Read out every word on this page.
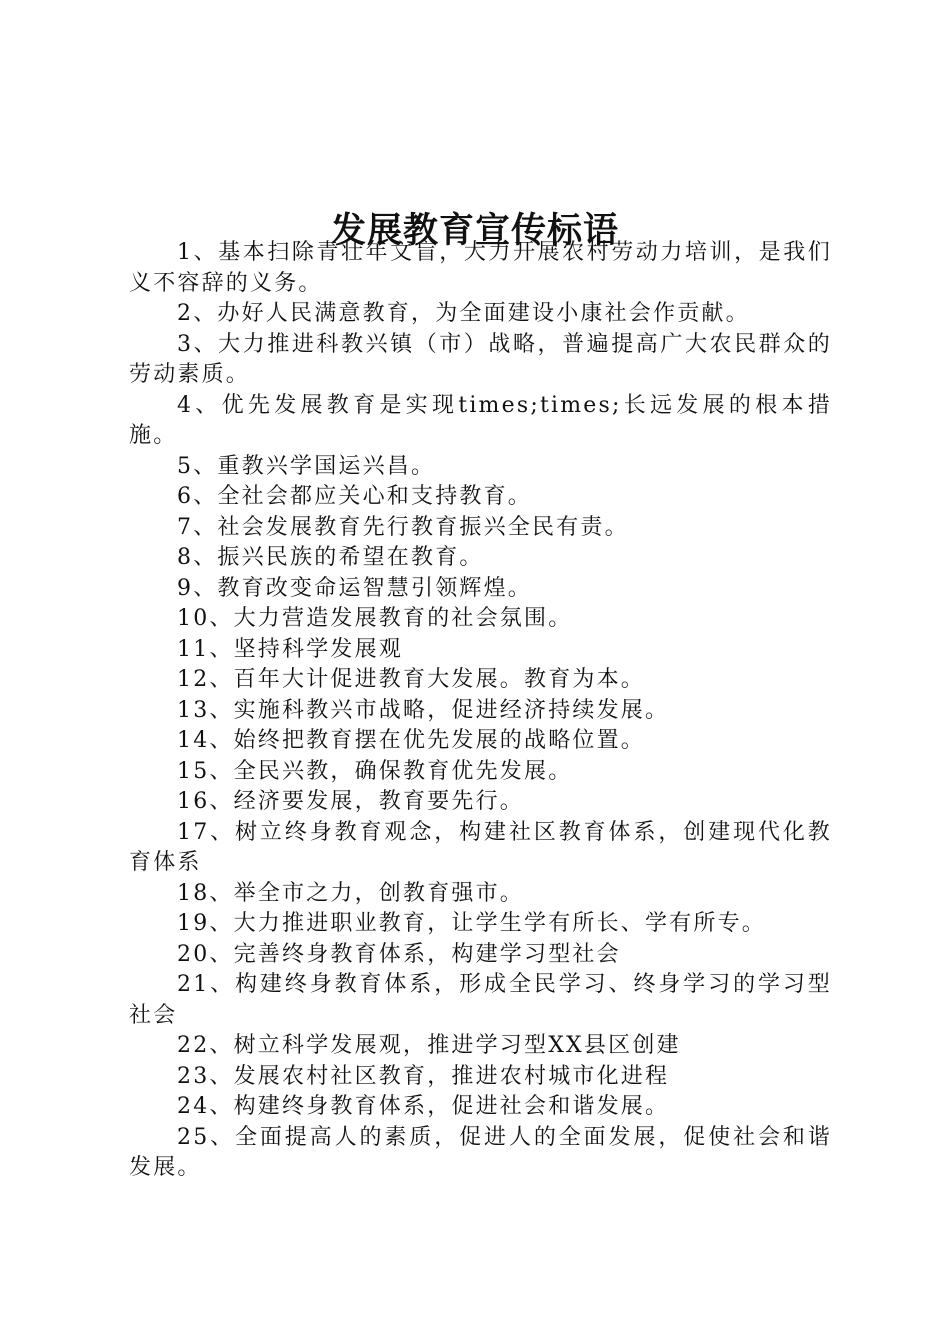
发展教育宣传标语

1、基本扫除青壮年文盲，大力开展农村劳动力培训，是我们义不容辞的义务。

2、办好人民满意教育，为全面建设小康社会作贡献。

3、大力推进科教兴镇（市）战略，普遍提高广大农民群众的劳动素质。

4、优先发展教育是实现times;times;长远发展的根本措施。

5、重教兴学国运兴昌。

6、全社会都应关心和支持教育。

7、社会发展教育先行教育振兴全民有责。

8、振兴民族的希望在教育。

9、教育改变命运智慧引领辉煌。

10、大力营造发展教育的社会氛围。

11、坚持科学发展观

12、百年大计促进教育大发展。教育为本。

13、实施科教兴市战略，促进经济持续发展。

14、始终把教育摆在优先发展的战略位置。

15、全民兴教，确保教育优先发展。

16、经济要发展，教育要先行。

17、树立终身教育观念，构建社区教育体系，创建现代化教育体系

18、举全市之力，创教育强市。

19、大力推进职业教育，让学生学有所长、学有所专。

20、完善终身教育体系，构建学习型社会

21、构建终身教育体系，形成全民学习、终身学习的学习型社会

22、树立科学发展观，推进学习型XX县区创建

23、发展农村社区教育，推进农村城市化进程

24、构建终身教育体系，促进社会和谐发展。

25、全面提高人的素质，促进人的全面发展，促使社会和谐发展。
